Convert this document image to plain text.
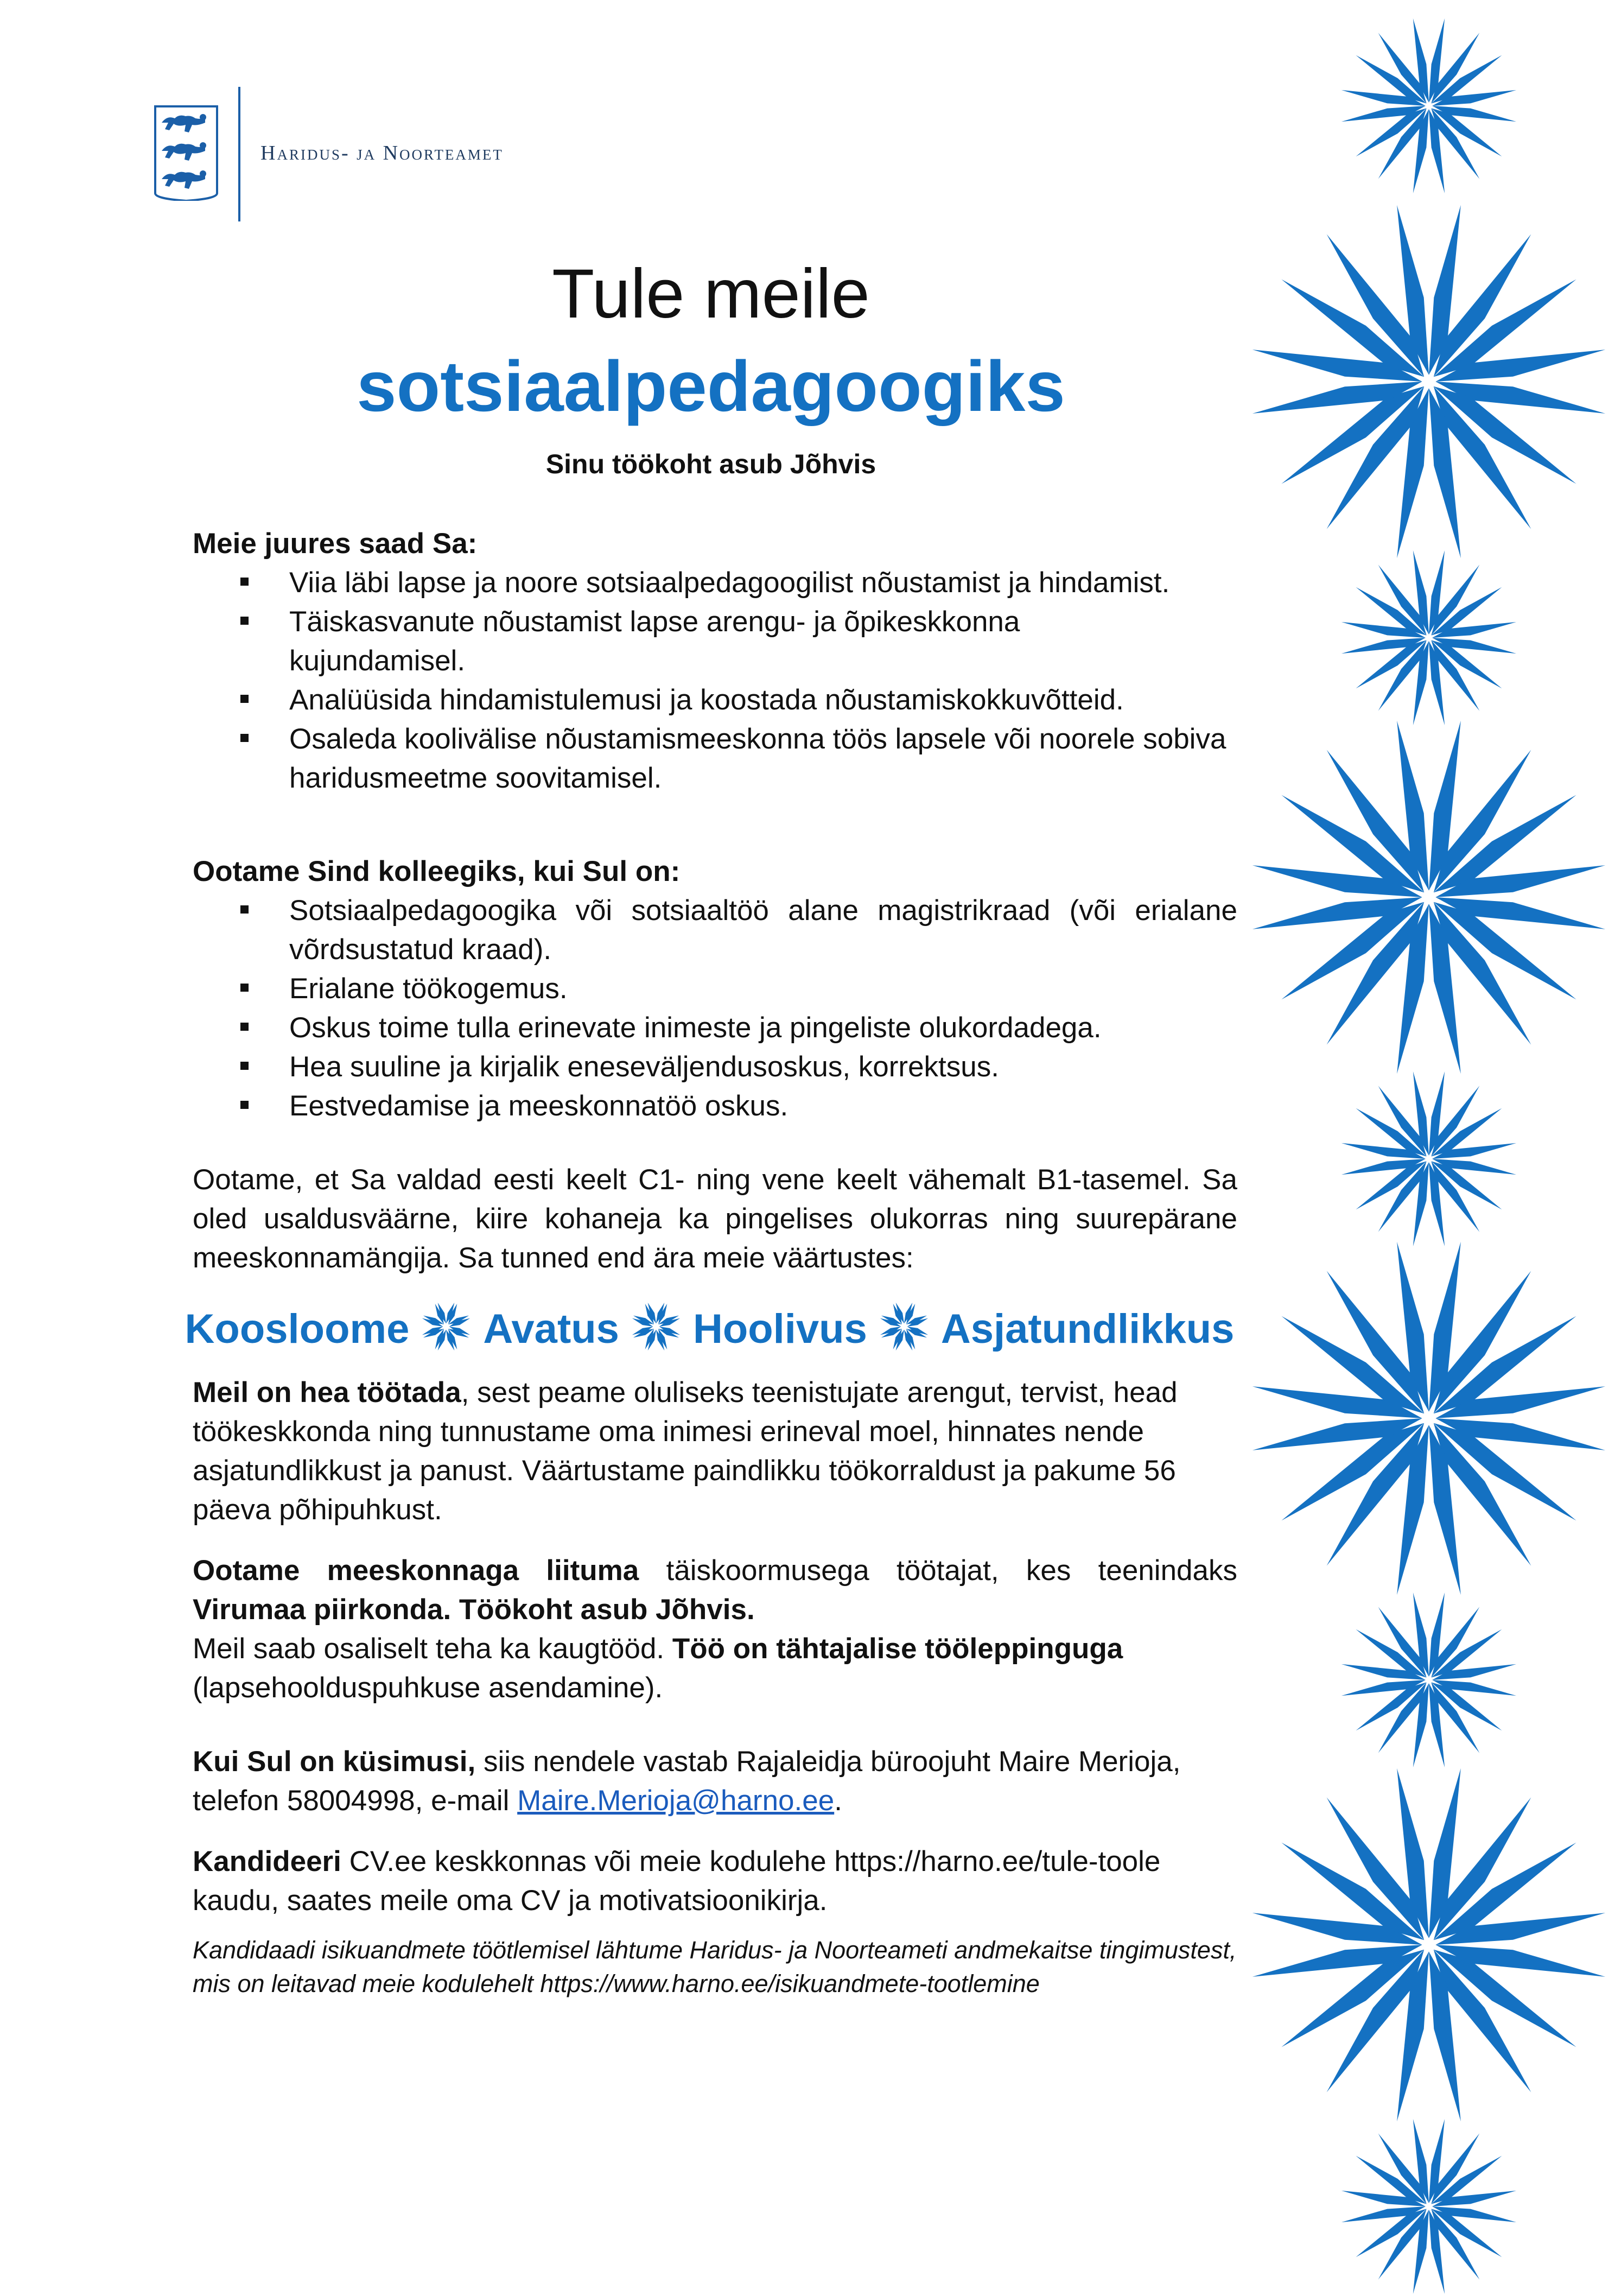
Haridus- ja Noorteamet
Tule meile
sotsiaalpedagoogiks
Sinu töökoht asub Jõhvis

Meie juures saad Sa:

Viia läbi lapse ja noore sotsiaalpedagoogilist nõustamist ja hindamist.
Täiskasvanute nõustamist lapse arengu- ja õpikeskkonna kujundamisel.
Analüüsida hindamistulemusi ja koostada nõustamiskokkuvõtteid.
Osaleda koolivälise nõustamismeeskonna töös lapsele või noorele sobiva haridusmeetme soovitamisel.

Ootame Sind kolleegiks, kui Sul on:

Sotsiaalpedagoogika või sotsiaaltöö alane magistrikraad (või erialane võrdsustatud kraad).
Erialane töökogemus.
Oskus toime tulla erinevate inimeste ja pingeliste olukordadega.
Hea suuline ja kirjalik eneseväljendusoskus, korrektsus.
Eestvedamise ja meeskonnatöö oskus.

Ootame, et Sa valdad eesti keelt C1- ning vene keelt vähemalt B1-tasemel. Sa oled usaldusväärne, kiire kohaneja ka pingelises olukorras ning suurepärane meeskonnamängija. Sa tunned end ära meie väärtustes:

Koosloome Avatus Hoolivus Asjatundlikkus

Meil on hea töötada, sest peame oluliseks teenistujate arengut, tervist, head töökeskkonda ning tunnustame oma inimesi erineval moel, hinnates nende asjatundlikkust ja panust. Väärtustame paindlikku töökorraldust ja pakume 56 päeva põhipuhkust.

Ootame meeskonnaga liituma täiskoormusega töötajat, kes teenindaks Virumaa piirkonda. Töökoht asub Jõhvis.
Meil saab osaliselt teha ka kaugtööd. Töö on tähtajalise tööleppinguga
(lapsehoolduspuhkuse asendamine).

Kui Sul on küsimusi, siis nendele vastab Rajaleidja büroojuht Maire Merioja, telefon 58004998, e-mail Maire.Merioja@harno.ee.

Kandideeri CV.ee keskkonnas või meie kodulehe https://harno.ee/tule-toole kaudu, saates meile oma CV ja motivatsioonikirja.

Kandidaadi isikuandmete töötlemisel lähtume Haridus- ja Noorteameti andmekaitse tingimustest, mis on leitavad meie kodulehelt https://www.harno.ee/isikuandmete-tootlemine
